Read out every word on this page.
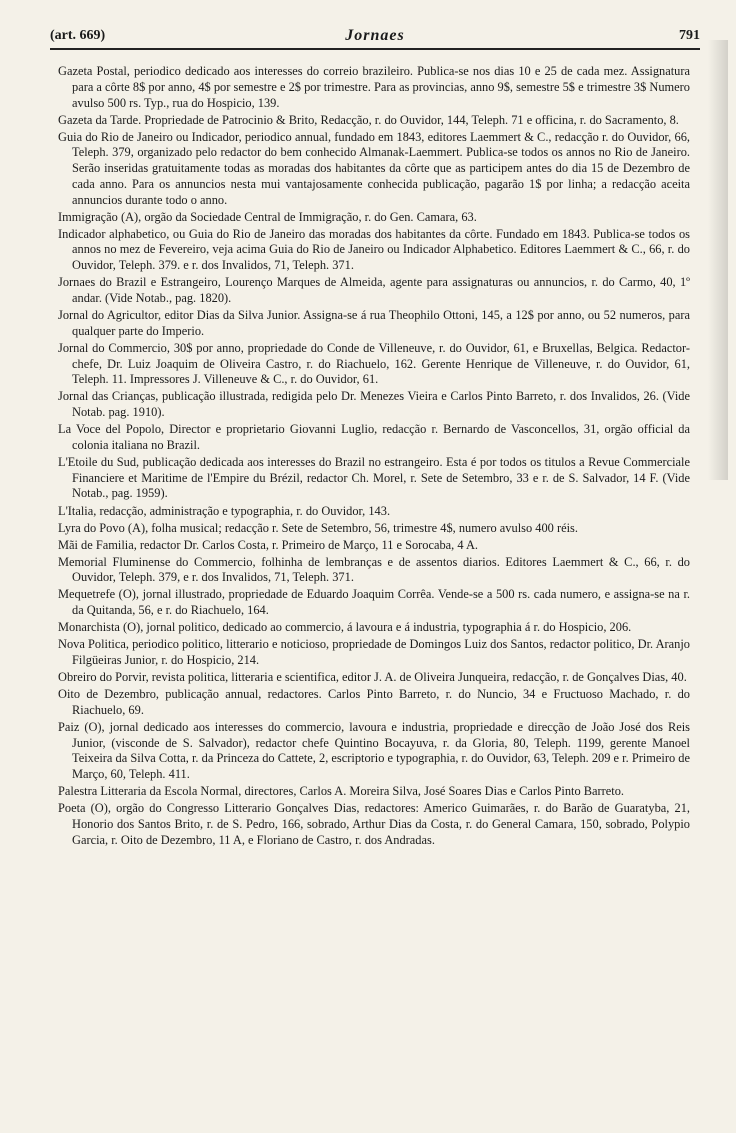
(art. 669)	Jornaes	791

Gazeta Postal, periodico dedicado aos interesses do correio brazileiro. Publica-se nos dias 10 e 25 de cada mez. Assignatura para a côrte 8$ por anno, 4$ por semestre e 2$ por trimestre. Para as provincias, anno 9$, semestre 5$ e trimestre 3$ Numero avulso 500 rs. Typ., rua do Hospicio, 139.

Gazeta da Tarde. Propriedade de Patrocinio & Brito, Redacção, r. do Ouvidor, 144, Teleph. 71 e officina, r. do Sacramento, 8.

Guia do Rio de Janeiro ou Indicador, periodico annual, fundado em 1843, editores Laemmert & C., redacção r. do Ouvidor, 66, Teleph. 379, organizado pelo redactor do bem conhecido Almanak-Laemmert. Publica-se todos os annos no Rio de Janeiro. Serão inseridas gratuitamente todas as moradas dos habitantes da côrte que as participem antes do dia 15 de Dezembro de cada anno. Para os annuncios nesta mui vantajosamente conhecida publicação, pagarão 1$ por linha; a redacção aceita annuncios durante todo o anno.

Immigração (A), orgão da Sociedade Central de Immigração, r. do Gen. Camara, 63.

Indicador alphabetico, ou Guia do Rio de Janeiro das moradas dos habitantes da côrte. Fundado em 1843. Publica-se todos os annos no mez de Fevereiro, veja acima Guia do Rio de Janeiro ou Indicador Alphabetico. Editores Laemmert & C., 66, r. do Ouvidor, Teleph. 379. e r. dos Invalidos, 71, Teleph. 371.

Jornaes do Brazil e Estrangeiro, Lourenço Marques de Almeida, agente para assignaturas ou annuncios, r. do Carmo, 40, 1º andar. (Vide Notab., pag. 1820).

Jornal do Agricultor, editor Dias da Silva Junior. Assigna-se á rua Theophilo Ottoni, 145, a 12$ por anno, ou 52 numeros, para qualquer parte do Imperio.

Jornal do Commercio, 30$ por anno, propriedade do Conde de Villeneuve, r. do Ouvidor, 61, e Bruxellas, Belgica. Redactor-chefe, Dr. Luiz Joaquim de Oliveira Castro, r. do Riachuelo, 162. Gerente Henrique de Villeneuve, r. do Ouvidor, 61, Teleph. 11. Impressores J. Villeneuve & C., r. do Ouvidor, 61.

Jornal das Crianças, publicação illustrada, redigida pelo Dr. Menezes Vieira e Carlos Pinto Barreto, r. dos Invalidos, 26. (Vide Notab. pag. 1910).

La Voce del Popolo, Director e proprietario Giovanni Luglio, redacção r. Bernardo de Vasconcellos, 31, orgão official da colonia italiana no Brazil.

L'Etoile du Sud, publicação dedicada aos interesses do Brazil no estrangeiro. Esta é por todos os titulos a Revue Commerciale Financiere et Maritime de l'Empire du Brézil, redactor Ch. Morel, r. Sete de Setembro, 33 e r. de S. Salvador, 14 F. (Vide Notab., pag. 1959).

L'Italia, redacção, administração e typographia, r. do Ouvidor, 143.

Lyra do Povo (A), folha musical; redacção r. Sete de Setembro, 56, trimestre 4$, numero avulso 400 réis.

Mãi de Familia, redactor Dr. Carlos Costa, r. Primeiro de Março, 11 e Sorocaba, 4 A.

Memorial Fluminense do Commercio, folhinha de lembranças e de assentos diarios. Editores Laemmert & C., 66, r. do Ouvidor, Teleph. 379, e r. dos Invalidos, 71, Teleph. 371.

Mequetrefe (O), jornal illustrado, propriedade de Eduardo Joaquim Corrêa. Vende-se a 500 rs. cada numero, e assigna-se na r. da Quitanda, 56, e r. do Riachuelo, 164.

Monarchista (O), jornal politico, dedicado ao commercio, á lavoura e á industria, typographia á r. do Hospicio, 206.

Nova Politica, periodico politico, litterario e noticioso, propriedade de Domingos Luiz dos Santos, redactor politico, Dr. Aranjo Filgüeiras Junior, r. do Hospicio, 214.

Obreiro do Porvir, revista politica, litteraria e scientifica, editor J. A. de Oliveira Junqueira, redacção, r. de Gonçalves Dias, 40.

Oito de Dezembro, publicação annual, redactores. Carlos Pinto Barreto, r. do Nuncio, 34 e Fructuoso Machado, r. do Riachuelo, 69.

Paiz (O), jornal dedicado aos interesses do commercio, lavoura e industria, propriedade e direcção de João José dos Reis Junior, (visconde de S. Salvador), redactor chefe Quintino Bocayuva, r. da Gloria, 80, Teleph. 1199, gerente Manoel Teixeira da Silva Cotta, r. da Princeza do Cattete, 2, escriptorio e typographia, r. do Ouvidor, 63, Teleph. 209 e r. Primeiro de Março, 60, Teleph. 411.

Palestra Litteraria da Escola Normal, directores, Carlos A. Moreira Silva, José Soares Dias e Carlos Pinto Barreto.

Poeta (O), orgão do Congresso Litterario Gonçalves Dias, redactores: Americo Guimarães, r. do Barão de Guaratyba, 21, Honorio dos Santos Brito, r. de S. Pedro, 166, sobrado, Arthur Dias da Costa, r. do General Camara, 150, sobrado, Polypio Garcia, r. Oito de Dezembro, 11 A, e Floriano de Castro, r. dos Andradas.
